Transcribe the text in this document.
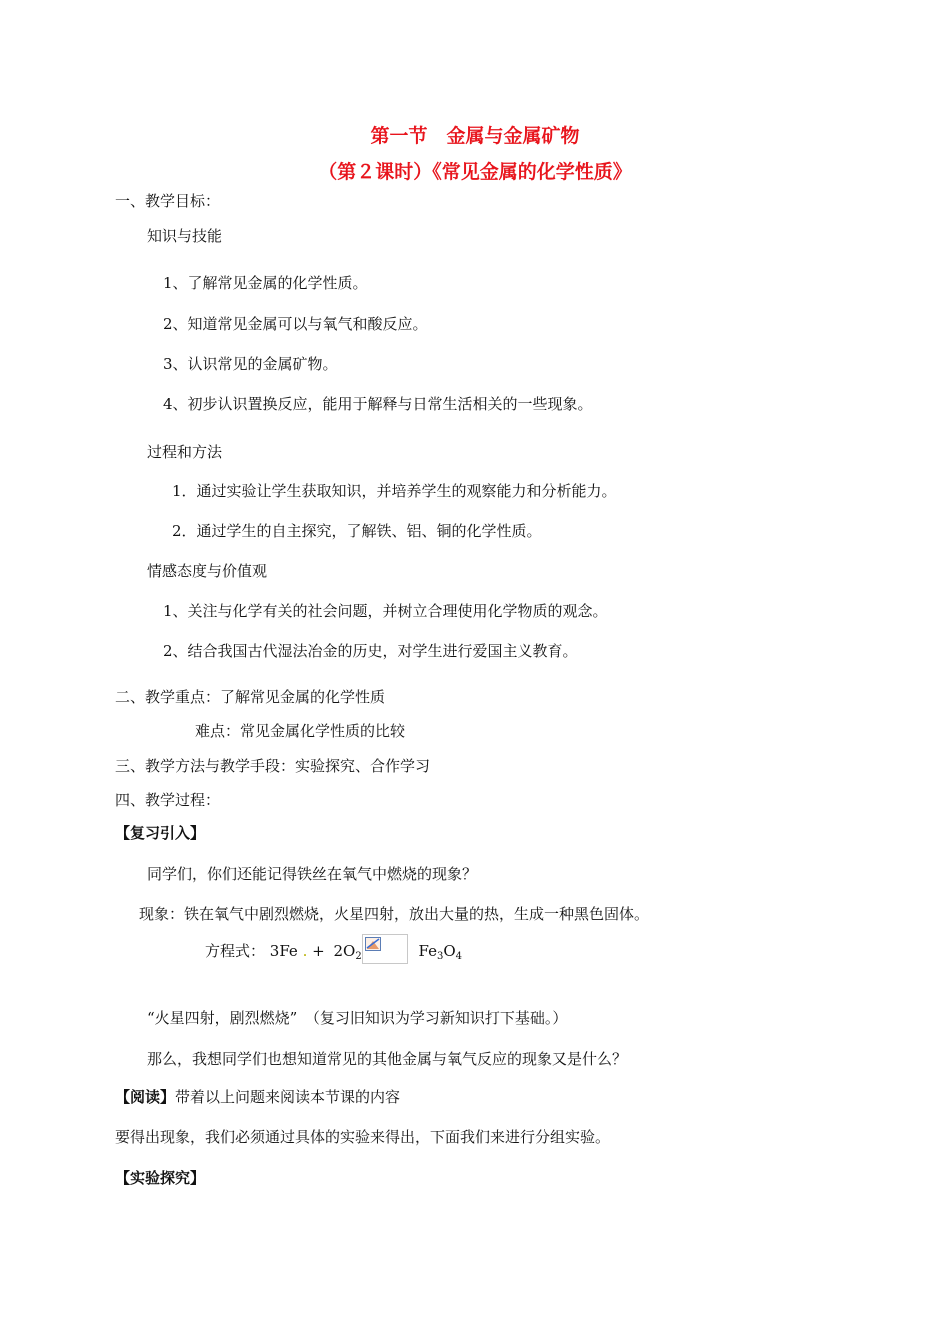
第一节　金属与金属矿物
（第２课时）《常见金属的化学性质》
一、教学目标：
知识与技能
1、了解常见金属的化学性质。
2、知道常见金属可以与氧气和酸反应。
3、认识常见的金属矿物。
4、初步认识置换反应，能用于解释与日常生活相关的一些现象。
过程和方法
1．通过实验让学生获取知识，并培养学生的观察能力和分析能力。
2．通过学生的自主探究，了解铁、铝、铜的化学性质。
情感态度与价值观
1、关注与化学有关的社会问题，并树立合理使用化学物质的观念。
2、结合我国古代湿法冶金的历史，对学生进行爱国主义教育。
二、教学重点：了解常见金属的化学性质
难点：常见金属化学性质的比较
三、教学方法与教学手段：实验探究、合作学习
四、教学过程：
【复习引入】
同学们，你们还能记得铁丝在氧气中燃烧的现象？
现象：铁在氧气中剧烈燃烧，火星四射，放出大量的热，生成一种黑色固体。
方程式： 3Fe . + $2O_2$	$Fe_3O_4$
“火星四射，剧烈燃烧”　（复习旧知识为学习新知识打下基础。）
那么，我想同学们也想知道常见的其他金属与氧气反应的现象又是什么？
【阅读】带着以上问题来阅读本节课的内容
要得出现象，我们必须通过具体的实验来得出，下面我们来进行分组实验。
【实验探究】
